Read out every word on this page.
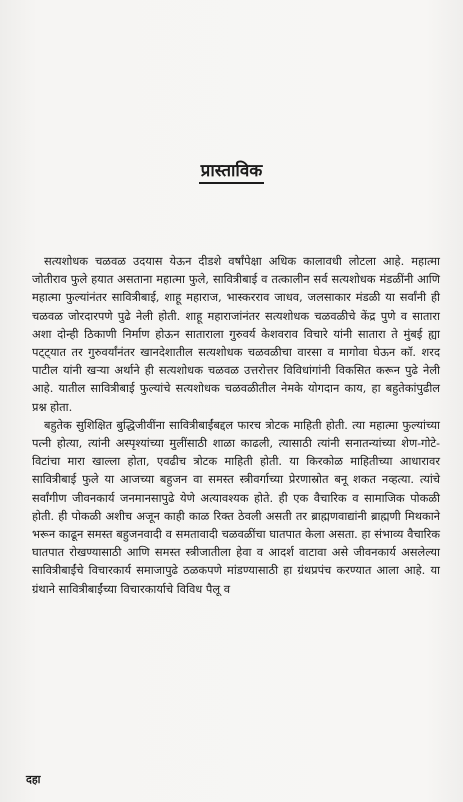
प्रास्ताविक

सत्यशोधक चळवळ उदयास येऊन दीडशे वर्षांपेक्षा अधिक कालावधी लोटला आहे. महात्मा जोतीराव फुले हयात असताना महात्मा फुले, सावित्रीबाई व तत्कालीन सर्व सत्यशोधक मंडळींनी आणि महात्मा फुल्यांनंतर सावित्रीबाई, शाहू महाराज, भास्करराव जाधव, जलसाकार मंडळी या सर्वांनी ही चळवळ जोरदारपणे पुढे नेली होती. शाहू महाराजांनंतर सत्यशोधक चळवळीचे केंद्र पुणे व सातारा अशा दोन्ही ठिकाणी निर्माण होऊन साताराला गुरुवर्य केशवराव विचारे यांनी सातारा ते मुंबई ह्या पट्ट्यात तर गुरुवर्यांनंतर खानदेशातील सत्यशोधक चळवळीचा वारसा व मागोवा घेऊन कॉ. शरद पाटील यांनी खऱ्या अर्थाने ही सत्यशोधक चळवळ उत्तरोत्तर विविधांगांनी विकसित करून पुढे नेली आहे. यातील सावित्रीबाई फुल्यांचे सत्यशोधक चळवळीतील नेमके योगदान काय, हा बहुतेकांपुढील प्रश्न होता.

बहुतेक सुशिक्षित बुद्धिजीवींना सावित्रीबाईंबद्दल फारच त्रोटक माहिती होती. त्या महात्मा फुल्यांच्या पत्नी होत्या, त्यांनी अस्पृश्यांच्या मुलींसाठी शाळा काढली, त्यासाठी त्यांनी सनातन्यांच्या शेण-गोटे-विटांचा मारा खाल्ला होता, एवढीच त्रोटक माहिती होती. या किरकोळ माहितीच्या आधारावर सावित्रीबाई फुले या आजच्या बहुजन वा समस्त स्त्रीवर्गाच्या प्रेरणास्रोत बनू शकत नव्हत्या. त्यांचे सर्वांगीण जीवनकार्य जनमानसापुढे येणे अत्यावश्यक होते. ही एक वैचारिक व सामाजिक पोकळी होती. ही पोकळी अशीच अजून काही काळ रिक्त ठेवली असती तर ब्राह्मणवाद्यांनी ब्राह्मणी मिथकाने भरून काढून समस्त बहुजनवादी व समतावादी चळवळींचा घातपात केला असता. हा संभाव्य वैचारिक घातपात रोखण्यासाठी आणि समस्त स्त्रीजातीला हेवा व आदर्श वाटावा असे जीवनकार्य असलेल्या सावित्रीबाईंचे विचारकार्य समाजापुढे ठळकपणे मांडण्यासाठी हा ग्रंथप्रपंच करण्यात आला आहे. या ग्रंथाने सावित्रीबाईंच्या विचारकार्याचे विविध पैलू व

दहा
